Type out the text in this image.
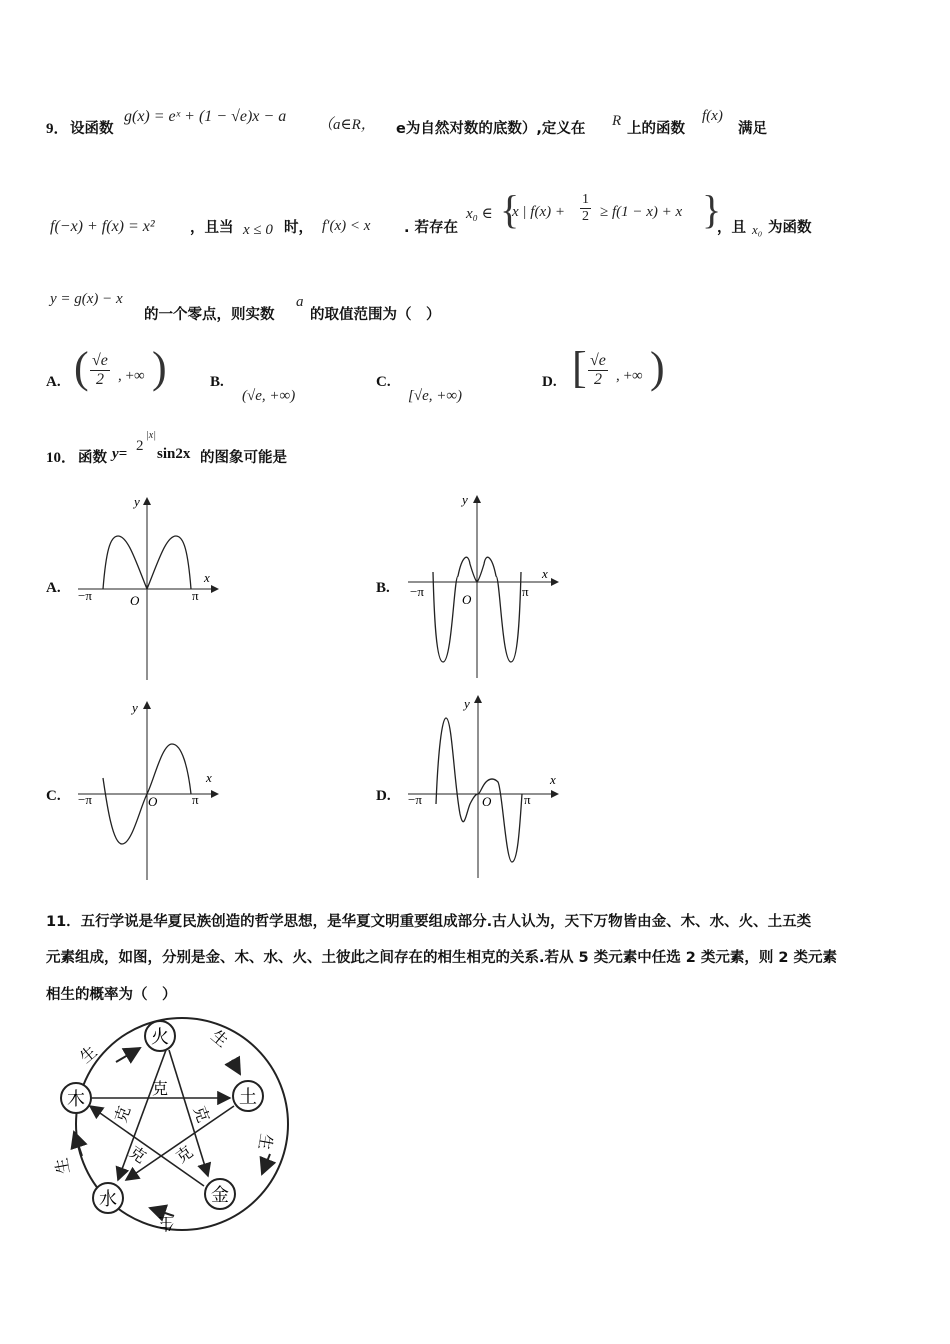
9． 设函数
g(x) = eˣ + (1 − √e)x − a （a∈R， e为自然对数的底数）,定义在 R 上的函数
f(x)
满足
f(−x) + f(x) = x² ，且当 x ≤ 0 时， f′(x) < x . 若存在
x₀ ∈ {
x | $f(x) + \frac{1}{2} \ge f(1 - x) + x$ }
，且 x₀ 为函数
y = g(x) − x
的一个零点，则实数
a
的取值范围为（　）
A. ( $\frac{√e}{2}$ , +∞ )	B.
(√e, +∞)
C.
[√e, +∞)
D. [ $\frac{√e}{2}$ , +∞ )
10． 函数 y= 2
|x|
sin2x 的图象可能是
A.	B.
C.	D.
y
x
O
−π	π
y
x
O
−π	π
y
x
O
−π	π
y
x
O
−π	π
11．五行学说是华夏民族创造的哲学思想，是华夏文明重要组成部分.古人认为，天下万物皆由金、木、水、火、土五类
元素组成，如图，分别是金、木、水、火、土彼此之间存在的相生相克的关系.若从 5 类元素中任选 2 类元素，则 2 类元素
相生的概率为（　）
火
土
金
水
木
生
生
生
生
生
克
克	克
克 克
